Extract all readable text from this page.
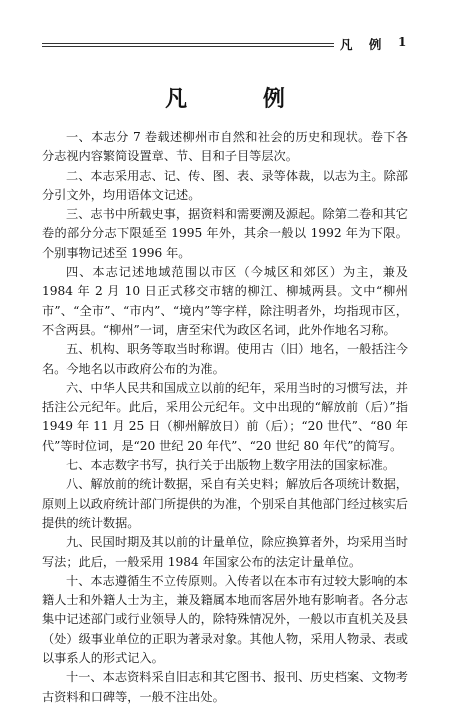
凡 例 1
凡 例

一、本志分 7 卷载述柳州市自然和社会的历史和现状。卷下各分志视内容繁简设置章、节、目和子目等层次。

二、本志采用志、记、传、图、表、录等体裁，以志为主。除部分引文外，均用语体文记述。

三、志书中所载史事，据资料和需要溯及源起。除第二卷和其它卷的部分分志下限延至 1995 年外，其余一般以 1992 年为下限。个别事物记述至 1996 年。

四、本志记述地域范围以市区（今城区和郊区）为主，兼及 1984 年 2 月 10 日正式移交市辖的柳江、柳城两县。文中“柳州市”、“全市”、“市内”、“境内”等字样，除注明者外，均指现市区，不含两县。“柳州”一词，唐至宋代为政区名词，此外作地名习称。

五、机构、职务等取当时称谓。使用古（旧）地名，一般括注今名。今地名以市政府公布的为准。

六、中华人民共和国成立以前的纪年，采用当时的习惯写法，并括注公元纪年。此后，采用公元纪年。文中出现的“解放前（后）”指 1949 年 11 月 25 日（柳州解放日）前（后）；“20 世代”、“80 年代”等时位词，是“20 世纪 20 年代”、“20 世纪 80 年代”的简写。

七、本志数字书写，执行关于出版物上数字用法的国家标准。

八、解放前的统计数据，采自有关史料；解放后各项统计数据，原则上以政府统计部门所提供的为准，个别采自其他部门经过核实后提供的统计数据。

九、民国时期及其以前的计量单位，除应换算者外，均采用当时写法；此后，一般采用 1984 年国家公布的法定计量单位。

十、本志遵循生不立传原则。入传者以在本市有过较大影响的本籍人士和外籍人士为主，兼及籍属本地而客居外地有影响者。各分志集中记述部门或行业领导人的，除特殊情况外，一般以市直机关及县（处）级事业单位的正职为著录对象。其他人物，采用人物录、表或以事系人的形式记入。

十一、本志资料采自旧志和其它图书、报刊、历史档案、文物考古资料和口碑等，一般不注出处。
